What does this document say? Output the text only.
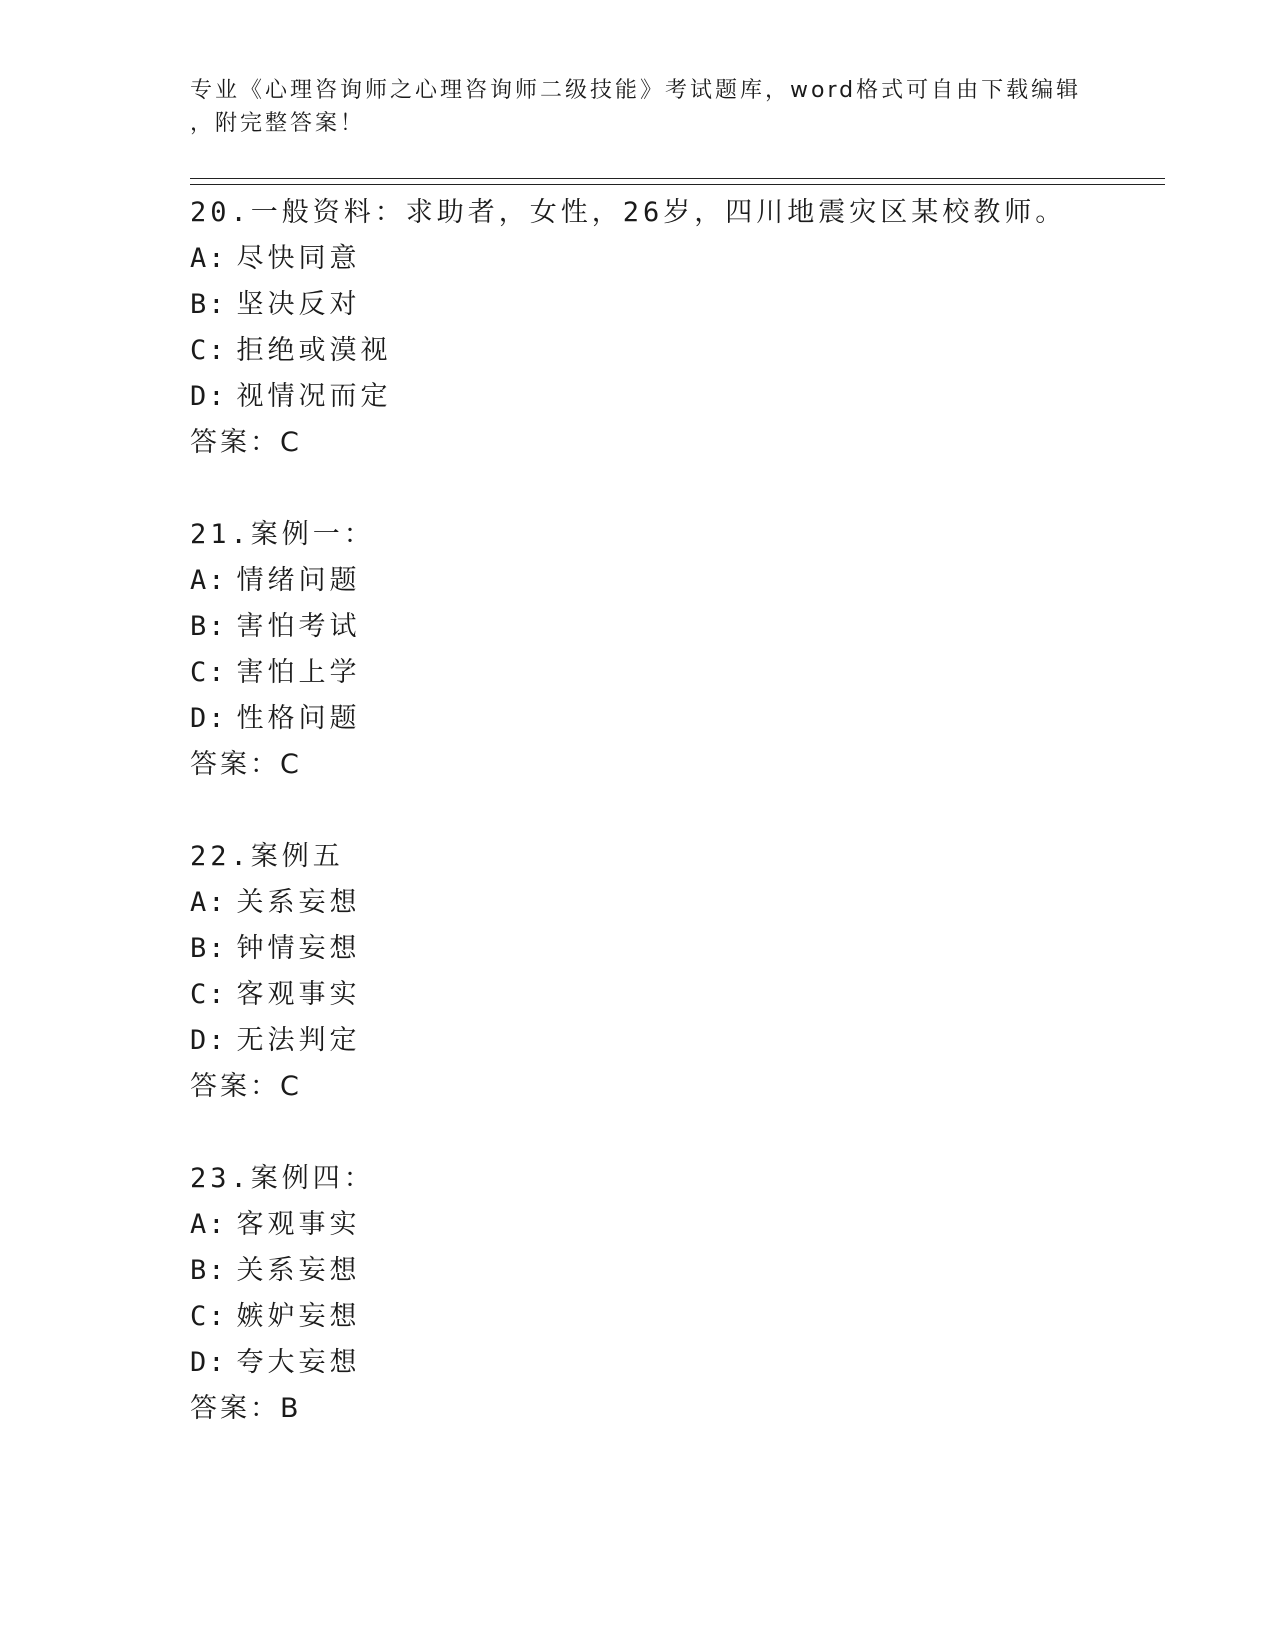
专业《心理咨询师之心理咨询师二级技能》考试题库，word格式可自由下载编辑
，附完整答案！
20.一般资料：求助者，女性，26岁，四川地震灾区某校教师。
A: 尽快同意
B: 坚决反对
C: 拒绝或漠视
D: 视情况而定
答案：C
21.案例一：
A: 情绪问题
B: 害怕考试
C: 害怕上学
D: 性格问题
答案：C
22.案例五
A: 关系妄想
B: 钟情妄想
C: 客观事实
D: 无法判定
答案：C
23.案例四：
A: 客观事实
B: 关系妄想
C: 嫉妒妄想
D: 夸大妄想
答案：B
